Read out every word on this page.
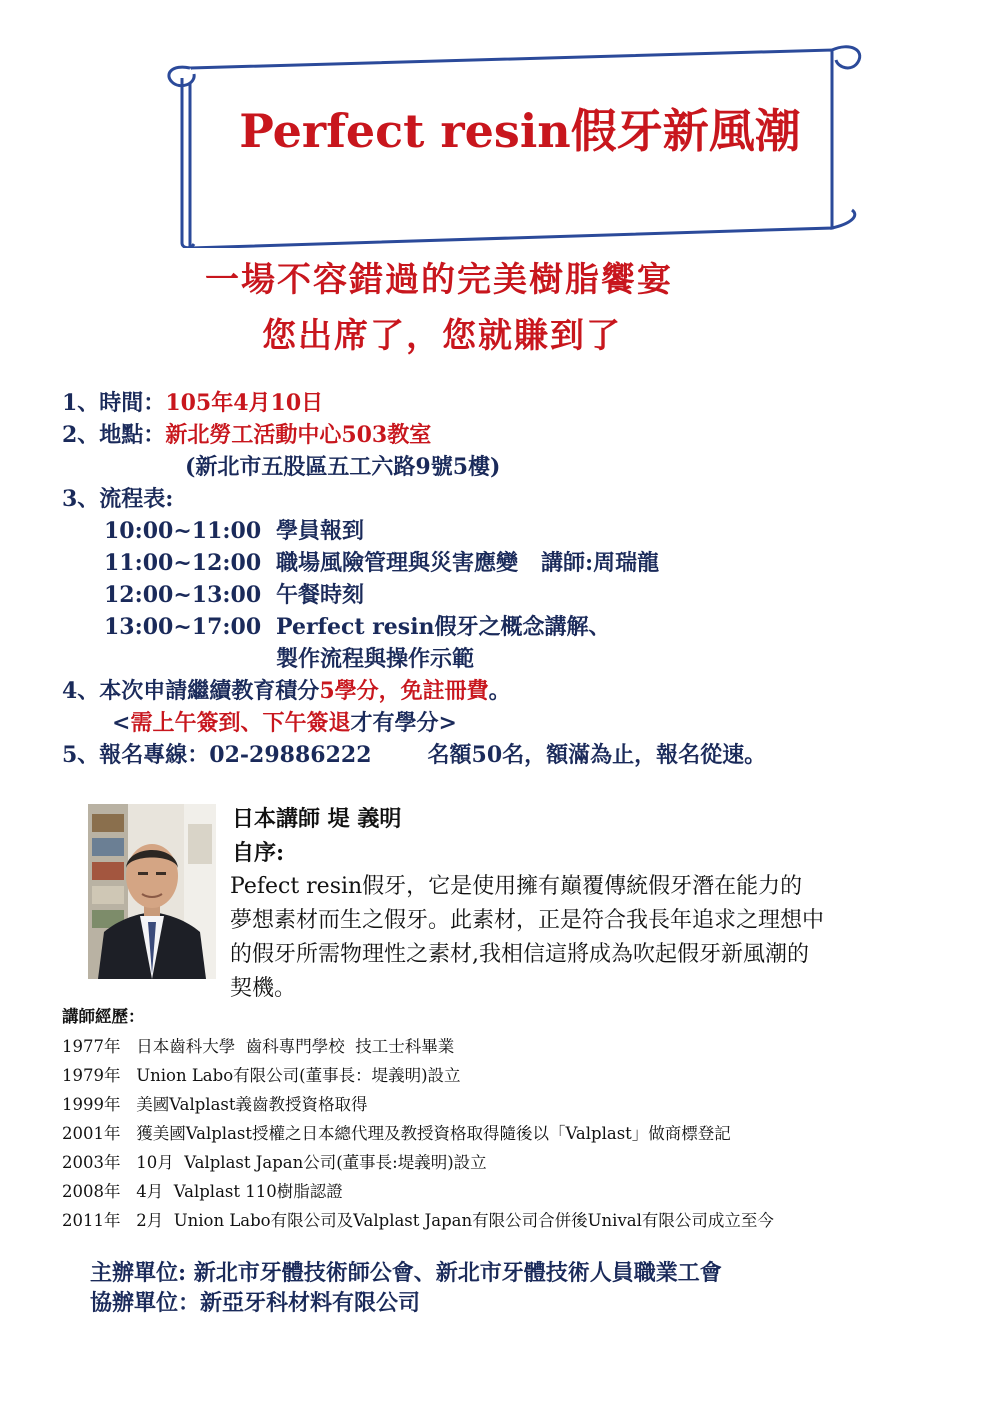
Perfect resin假牙新風潮
一場不容錯過的完美樹脂饗宴
您出席了，您就賺到了
1、時間：105年4月10日
2、地點：新北勞工活動中心503教室
(新北市五股區五工六路9號5樓)
3、流程表:
10:00~11:00 學員報到
11:00~12:00 職場風險管理與災害應變   講師:周瑞龍
12:00~13:00 午餐時刻
13:00~17:00 Perfect resin假牙之概念講解、
製作流程與操作示範
4、本次申請繼續教育積分5學分，免註冊費。
<需上午簽到、下午簽退才有學分>
5、報名專線：02-29886222	名額50名，額滿為止，報名從速。
日本講師 堤 義明
自序:
Pefect resin假牙，它是使用擁有巔覆傳統假牙潛在能力的
夢想素材而生之假牙。此素材，正是符合我長年追求之理想中
的假牙所需物理性之素材,我相信這將成為吹起假牙新風潮的
契機。
講師經歷：
1977年   日本齒科大學  齒科專門學校  技工士科畢業
1979年   Union Labo有限公司(董事長：堤義明)設立
1999年   美國Valplast義齒教授資格取得
2001年   獲美國Valplast授權之日本總代理及教授資格取得隨後以「Valplast」做商標登記
2003年   10月  Valplast Japan公司(董事長:堤義明)設立
2008年   4月  Valplast 110樹脂認證
2011年   2月  Union Labo有限公司及Valplast Japan有限公司合併後Unival有限公司成立至今
主辦單位: 新北市牙體技術師公會、新北市牙體技術人員職業工會
協辦單位：新亞牙科材料有限公司
